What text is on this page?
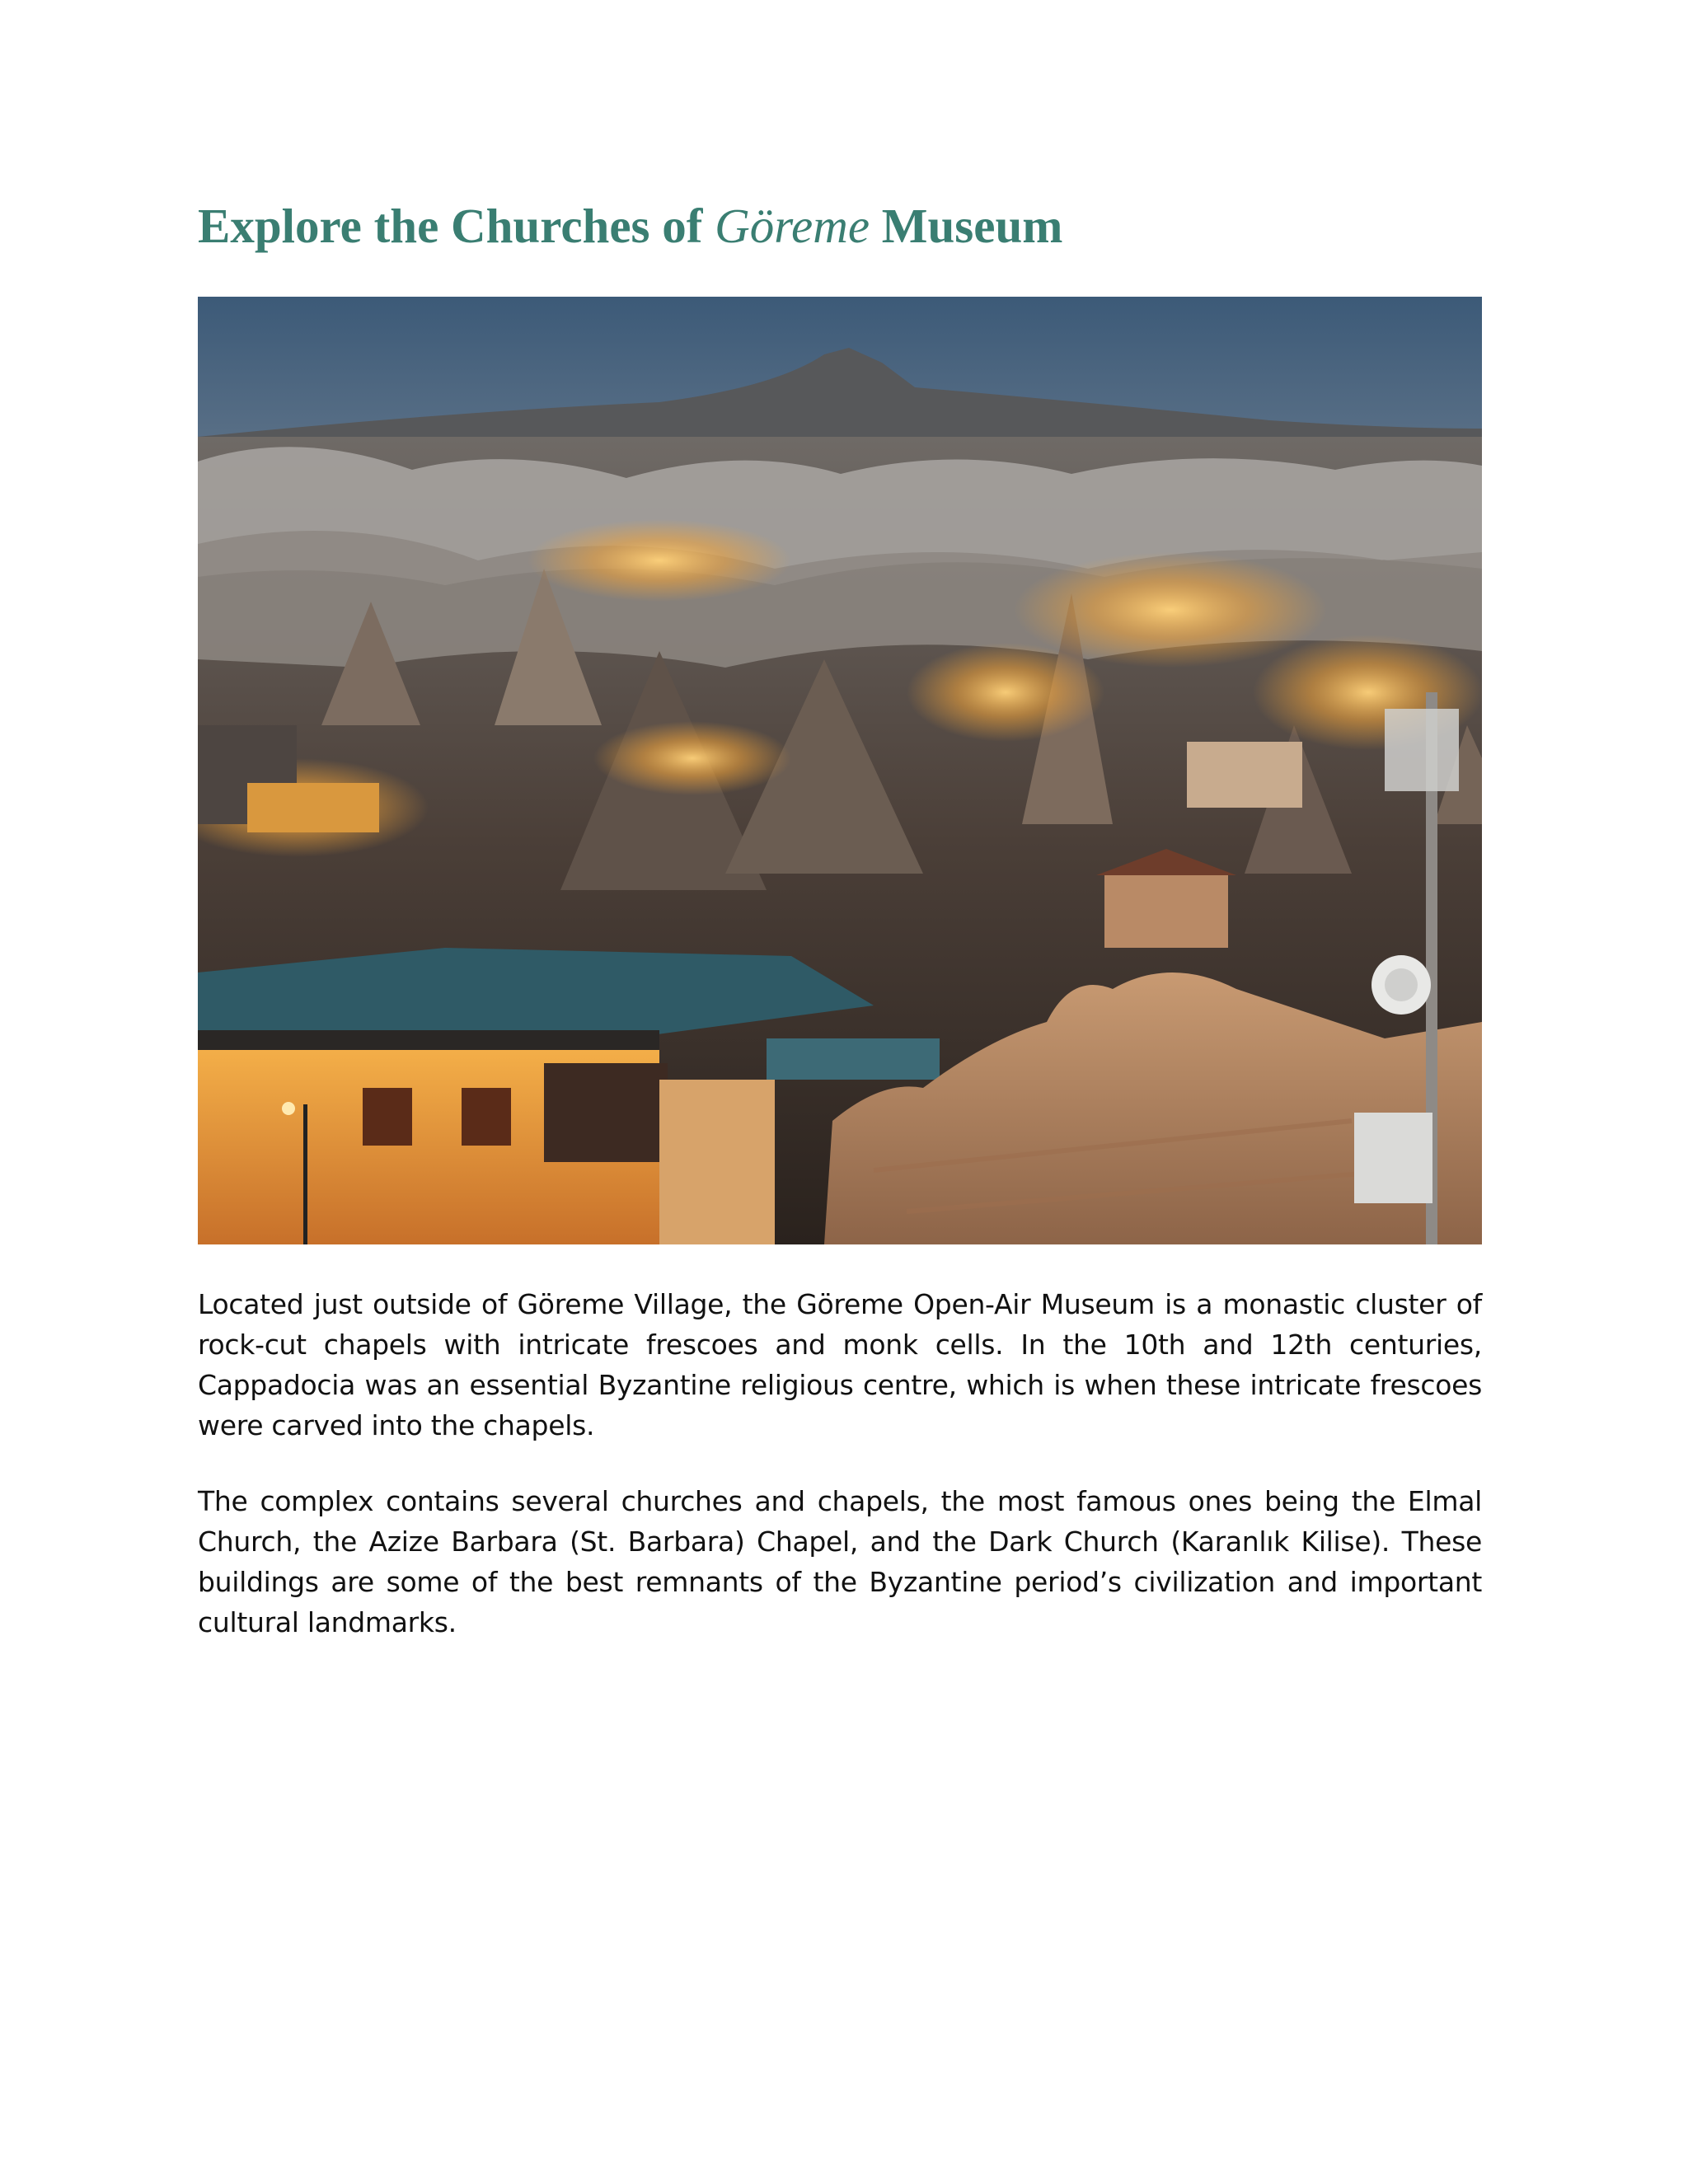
Explore the Churches of Göreme Museum

Located just outside of Göreme Village, the Göreme Open-Air Museum is a monastic cluster of rock-cut chapels with intricate frescoes and monk cells. In the 10th and 12th centuries, Cappadocia was an essential Byzantine religious centre, which is when these intricate frescoes were carved into the chapels.

The complex contains several churches and chapels, the most famous ones being the Elmal Church, the Azize Barbara (St. Barbara) Chapel, and the Dark Church (Karanlık Kilise). These buildings are some of the best remnants of the Byzantine period’s civilization and important cultural landmarks.
